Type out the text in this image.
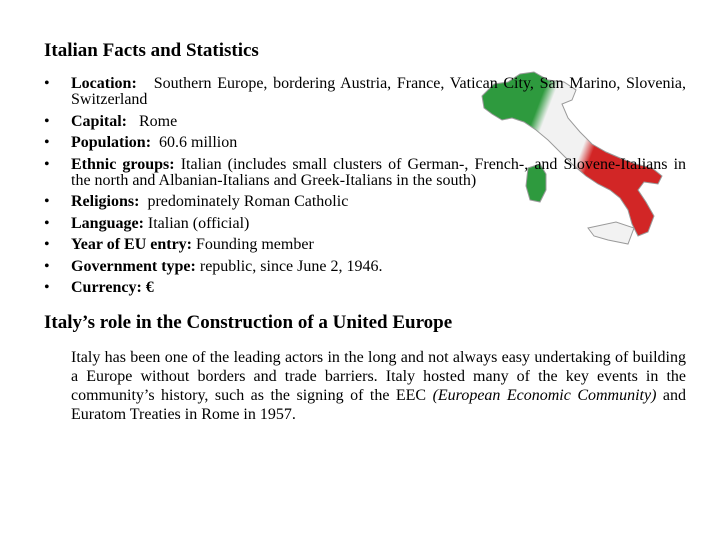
Italian Facts and Statistics
• Location: Southern Europe, bordering Austria, France, Vatican City, San Marino, Slovenia, Switzerland
• Capital: Rome
• Population: 60.6 million
• Ethnic groups: Italian (includes small clusters of German-, French-, and Slovene-Italians in the north and Albanian-Italians and Greek-Italians in the south)
• Religions: predominately Roman Catholic
• Language: Italian (official)
• Year of EU entry: Founding member
• Government type: republic, since June 2, 1946.
• Currency: €
Italy’s role in the Construction of a United Europe

Italy has been one of the leading actors in the long and not always easy undertaking of building a Europe without borders and trade barriers. Italy hosted many of the key events in the community’s history, such as the signing of the EEC (European Economic Community) and Euratom Treaties in Rome in 1957.
